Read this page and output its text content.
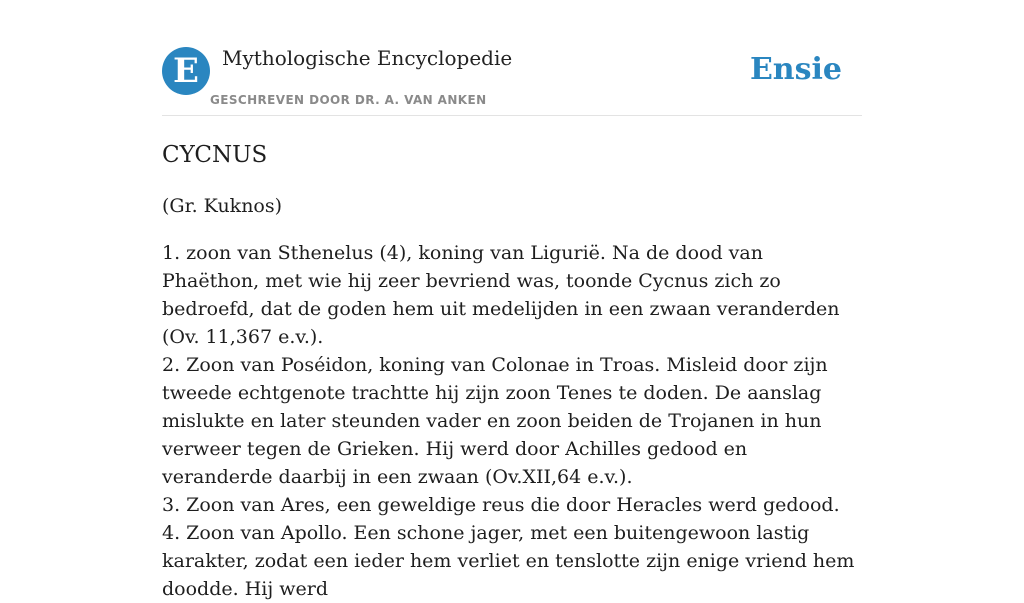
E	Mythologische Encyclopedie
GESCHREVEN DOOR DR. A. VAN ANKEN
Ensie
CYCNUS
(Gr. Kuknos)

1. zoon van Sthenelus (4), koning van Ligurië. Na de dood van Phaëthon, met wie hij zeer bevriend was, toonde Cycnus zich zo bedroefd, dat de goden hem uit medelijden in een zwaan veranderden (Ov. 11,367 e.v.).

2. Zoon van Poséidon, koning van Colonae in Troas. Misleid door zijn tweede echtgenote trachtte hij zijn zoon Tenes te doden. De aanslag mislukte en later steunden vader en zoon beiden de Trojanen in hun verweer tegen de Grieken. Hij werd door Achilles gedood en veranderde daarbij in een zwaan (Ov.XII,64 e.v.).

3. Zoon van Ares, een geweldige reus die door Heracles werd gedood.

4. Zoon van Apollo. Een schone jager, met een buitengewoon lastig karakter, zodat een ieder hem verliet en tenslotte zijn enige vriend hem doodde. Hij werd
